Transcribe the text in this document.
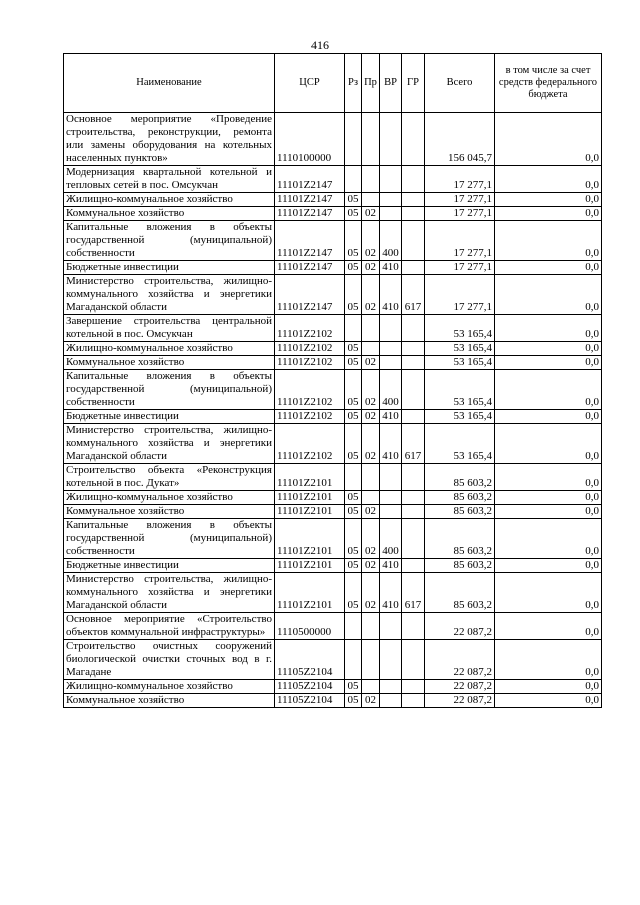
416
Наименование	ЦСР	Рз	Пр	ВР	ГР	Всего	в том числе за счет средств федерального бюджета
Основное мероприятие «Проведение строительства, реконструкции, ремонта или замены оборудования на котельных населенных пунктов»	1110100000					156 045,7	0,0
Модернизация квартальной котельной и тепловых сетей в пос. Омсукчан	11101Z2147					17 277,1	0,0
Жилищно-коммунальное хозяйство	11101Z2147	05				17 277,1	0,0
Коммунальное хозяйство	11101Z2147	05	02			17 277,1	0,0
Капитальные вложения в объекты государственной (муниципальной) собственности	11101Z2147	05	02	400		17 277,1	0,0
Бюджетные инвестиции	11101Z2147	05	02	410		17 277,1	0,0
Министерство строительства, жилищно-коммунального хозяйства и энергетики Магаданской области	11101Z2147	05	02	410	617	17 277,1	0,0
Завершение строительства центральной котельной в пос. Омсукчан	11101Z2102					53 165,4	0,0
Жилищно-коммунальное хозяйство	11101Z2102	05				53 165,4	0,0
Коммунальное хозяйство	11101Z2102	05	02			53 165,4	0,0
Капитальные вложения в объекты государственной (муниципальной) собственности	11101Z2102	05	02	400		53 165,4	0,0
Бюджетные инвестиции	11101Z2102	05	02	410		53 165,4	0,0
Министерство строительства, жилищно-коммунального хозяйства и энергетики Магаданской области	11101Z2102	05	02	410	617	53 165,4	0,0
Строительство объекта «Реконструкция котельной в пос. Дукат»	11101Z2101					85 603,2	0,0
Жилищно-коммунальное хозяйство	11101Z2101	05				85 603,2	0,0
Коммунальное хозяйство	11101Z2101	05	02			85 603,2	0,0
Капитальные вложения в объекты государственной (муниципальной) собственности	11101Z2101	05	02	400		85 603,2	0,0
Бюджетные инвестиции	11101Z2101	05	02	410		85 603,2	0,0
Министерство строительства, жилищно-коммунального хозяйства и энергетики Магаданской области	11101Z2101	05	02	410	617	85 603,2	0,0
Основное мероприятие «Строительство объектов коммунальной инфраструктуры»	1110500000					22 087,2	0,0
Строительство очистных сооружений биологической очистки сточных вод в г. Магадане	11105Z2104					22 087,2	0,0
Жилищно-коммунальное хозяйство	11105Z2104	05				22 087,2	0,0
Коммунальное хозяйство	11105Z2104	05	02			22 087,2	0,0
